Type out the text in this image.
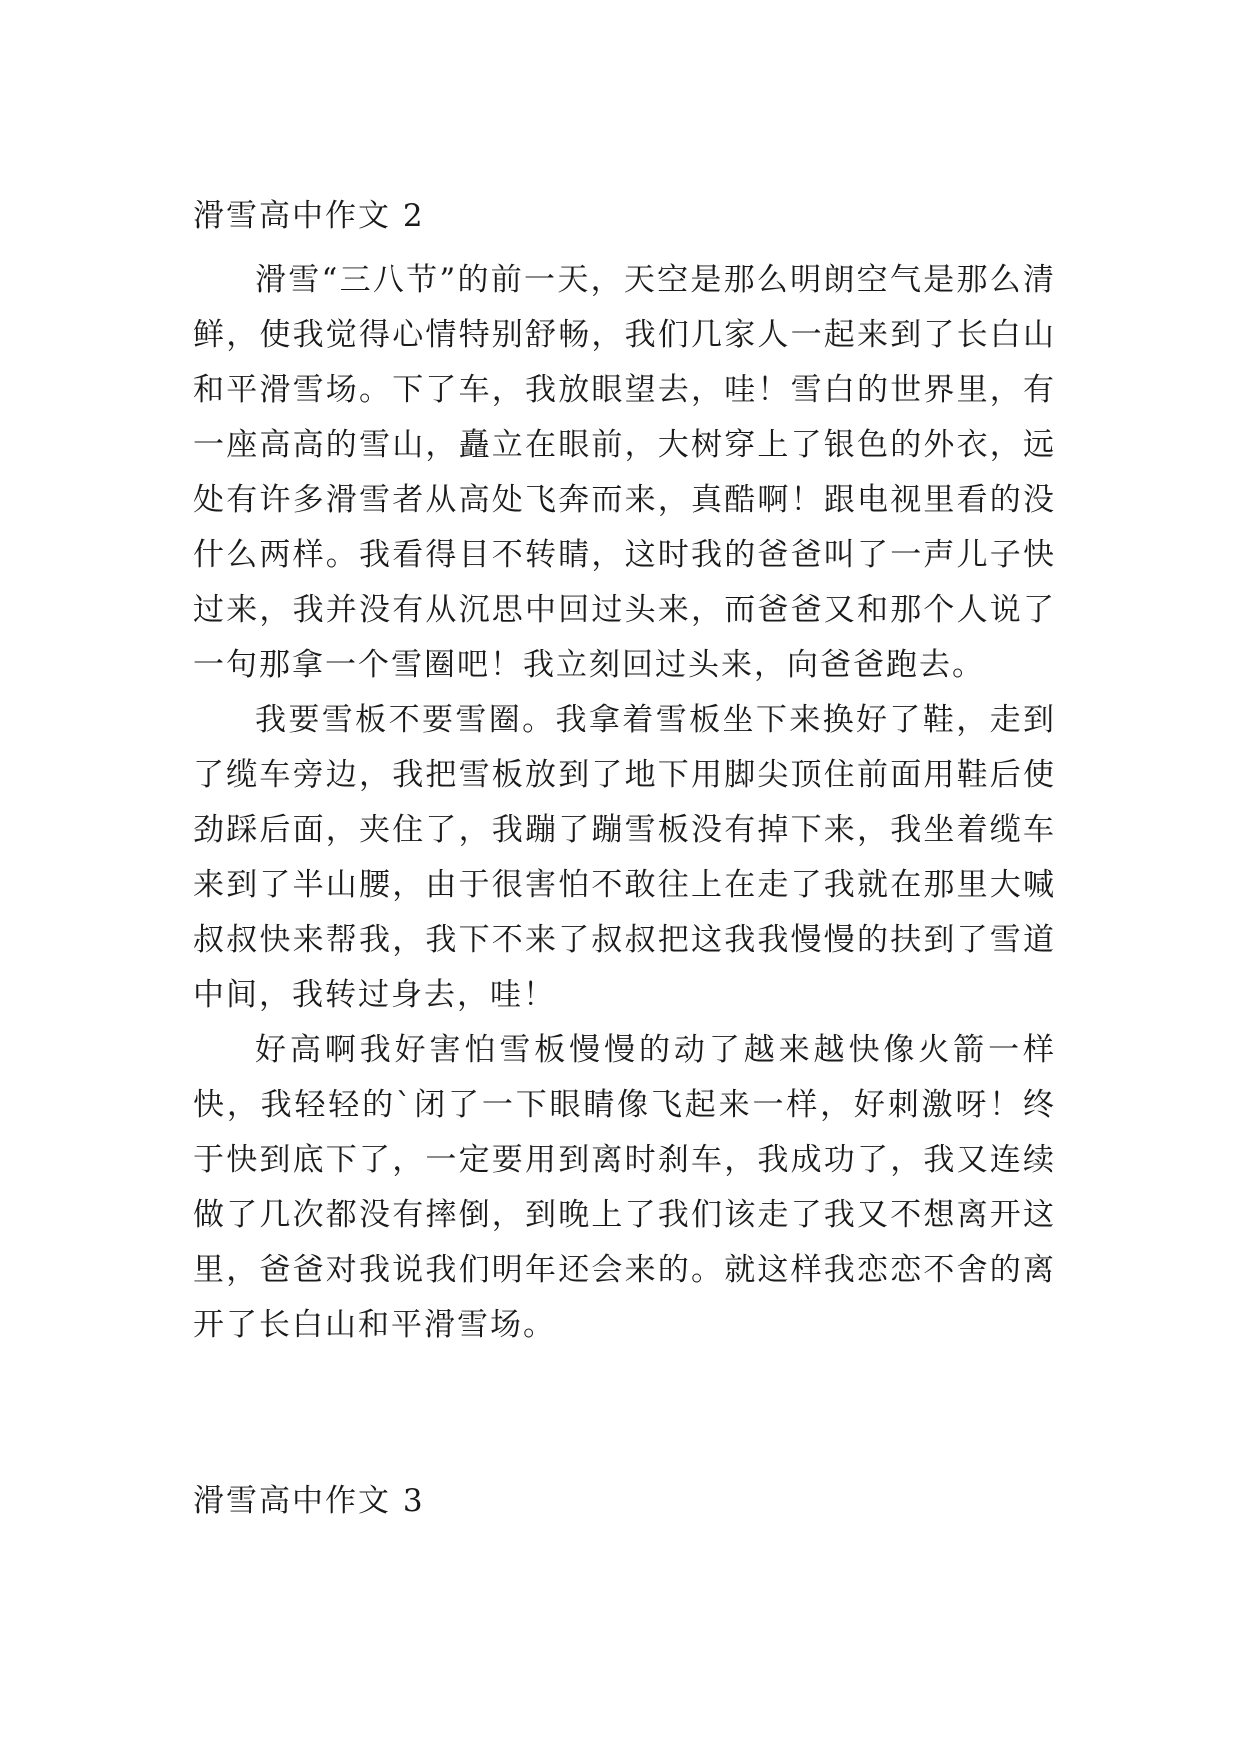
滑雪高中作文 2

滑雪“三八节”的前一天，天空是那么明朗空气是那么清鲜，使我觉得心情特别舒畅，我们几家人一起来到了长白山和平滑雪场。下了车，我放眼望去，哇！雪白的世界里，有一座高高的雪山，矗立在眼前，大树穿上了银色的外衣，远处有许多滑雪者从高处飞奔而来，真酷啊！跟电视里看的没什么两样。我看得目不转睛，这时我的爸爸叫了一声儿子快过来，我并没有从沉思中回过头来，而爸爸又和那个人说了一句那拿一个雪圈吧！我立刻回过头来，向爸爸跑去。

我要雪板不要雪圈。我拿着雪板坐下来换好了鞋，走到了缆车旁边，我把雪板放到了地下用脚尖顶住前面用鞋后使劲踩后面，夹住了，我蹦了蹦雪板没有掉下来，我坐着缆车来到了半山腰，由于很害怕不敢往上在走了我就在那里大喊叔叔快来帮我，我下不来了叔叔把这我我慢慢的扶到了雪道中间，我转过身去，哇！

好高啊我好害怕雪板慢慢的动了越来越快像火箭一样快，我轻轻的`闭了一下眼睛像飞起来一样，好刺激呀！终于快到底下了，一定要用到离时刹车，我成功了，我又连续做了几次都没有摔倒，到晚上了我们该走了我又不想离开这里，爸爸对我说我们明年还会来的。就这样我恋恋不舍的离开了长白山和平滑雪场。

滑雪高中作文 3
